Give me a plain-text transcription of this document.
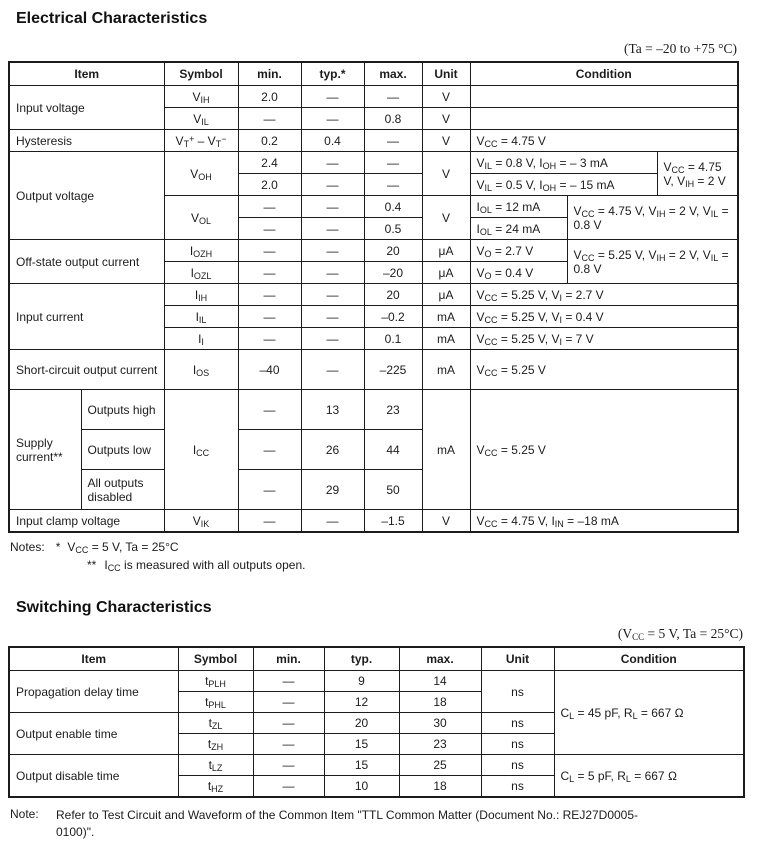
Electrical Characteristics
(Ta = –20 to +75 °C)
Item		Symbol	min.	typ.*	max.	Unit	Condition		
Input voltage		$V_{IH}$	2.0	—	—	V			
		$V_{IL}$	—	—	0.8	V			
Hysteresis		$V_T^+ - V_T^-$	0.2	0.4	—	V	$V_{CC} = 4.75$ V		
Output voltage		$V_{OH}$	2.4	—	—	V	$V_{IL} = 0.8$ V, $I_{OH}$ = – 3 mA		$V_{CC} = 4.75$ V, $V_{IH} = 2$ V
			2.0	—	—		$V_{IL} = 0.5$ V, $I_{OH}$ = – 15 mA		
		$V_{OL}$	—	—	0.4	V	$I_{OL} = 12$ mA	$V_{CC} = 4.75$ V, $V_{IH} = 2$ V, $V_{IL} = 0.8$ V	
			—	—	0.5		$I_{OL} = 24$ mA		
Off-state output current		$I_{OZH}$	—	—	20	μA	$V_O = 2.7$ V	$V_{CC} = 5.25$ V, $V_{IH} = 2$ V, $V_{IL} = 0.8$ V	
		$I_{OZL}$	—	—	–20	μA	$V_O = 0.4$ V		
Input current		$I_{IH}$	—	—	20	μA	$V_{CC} = 5.25$ V, $V_I = 2.7$ V		
		$I_{IL}$	—	—	–0.2	mA	$V_{CC} = 5.25$ V, $V_I = 0.4$ V		
		$I_I$	—	—	0.1	mA	$V_{CC} = 5.25$ V, $V_I = 7$ V		
Short-circuit output current		$I_{OS}$	–40	—	–225	mA	$V_{CC} = 5.25$ V		
Supply current**	Outputs high	$I_{CC}$	—	13	23	mA	$V_{CC} = 5.25$ V		
	Outputs low		—	26	44				
	All outputs disabled		—	29	50				
Input clamp voltage		$V_{IK}$	—	—	–1.5	V	$V_{CC} = 4.75$ V, $I_{IN} = -18$ mA		
Notes: * $V_{CC} = 5$ V, Ta = 25°C
** $I_{CC}$ is measured with all outputs open.
Switching Characteristics
($V_{CC} = 5$ V, Ta = 25°C)
Item	Symbol	min.	typ.	max.	Unit	Condition
Propagation delay time	$t_{PLH}$	—	9	14	ns	$C_L = 45$ pF, $R_L = 667$ Ω
	$t_{PHL}$	—	12	18		
Output enable time	$t_{ZL}$	—	20	30	ns	
	$t_{ZH}$	—	15	23	ns	
Output disable time	$t_{LZ}$	—	15	25	ns	$C_L = 5$ pF, $R_L = 667$ Ω
	$t_{HZ}$	—	10	18	ns	
Note:	Refer to Test Circuit and Waveform of the Common Item "TTL Common Matter (Document No.: REJ27D0005-0100)".
